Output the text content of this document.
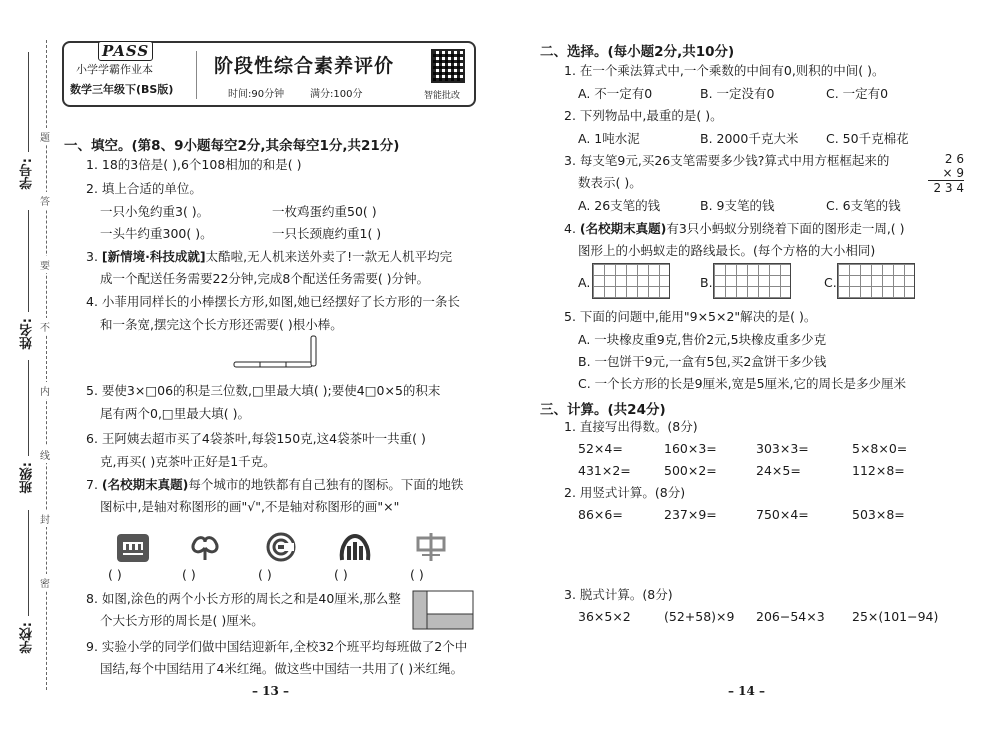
学号:
姓名:
班级:
学校:
题
答
要
不
内
线
封
密
PASS
小学学霸作业本
数学三年级下(BS版)
阶段性综合素养评价
时间:90分钟	满分:100分	智能批改
一、填空。(第8、9小题每空2分,其余每空1分,共21分)
1. 18的3倍是( ),6个108相加的和是( )
2. 填上合适的单位。
一只小兔约重3( )。	一枚鸡蛋约重50( )
一头牛约重300( )。	一只长颈鹿约重1( )
3. [新情境·科技成就]太酷啦,无人机来送外卖了!一款无人机平均完
成一个配送任务需要22分钟,完成8个配送任务需要( )分钟。
4. 小菲用同样长的小棒摆长方形,如图,她已经摆好了长方形的一条长
和一条宽,摆完这个长方形还需要( )根小棒。
5. 要使3×□06的积是三位数,□里最大填( );要使4□0×5的积末
尾有两个0,□里最大填( )。
6. 王阿姨去超市买了4袋茶叶,每袋150克,这4袋茶叶一共重( )
克,再买( )克茶叶正好是1千克。
7. (名校期末真题)每个城市的地铁都有自己独有的图标。下面的地铁
图标中,是轴对称图形的画"√",不是轴对称图形的画"×"
( )	( )	( )	( )	( )
8. 如图,涂色的两个小长方形的周长之和是40厘米,那么整
个大长方形的周长是( )厘米。
9. 实验小学的同学们做中国结迎新年,全校32个班平均每班做了2个中
国结,每个中国结用了4米红绳。做这些中国结一共用了( )米红绳。
– 13 –
二、选择。(每小题2分,共10分)
1. 在一个乘法算式中,一个乘数的中间有0,则积的中间( )。
A. 不一定有0	B. 一定没有0	C. 一定有0
2. 下列物品中,最重的是( )。
A. 1吨水泥	B. 2000千克大米 C. 50千克棉花
3. 每支笔9元,买26支笔需要多少钱?算式中用方框框起来的
数表示( )。
A. 26支笔的钱	B. 9支笔的钱	C. 6支笔的钱
2 6
× 9
2 3 4
4. (名校期末真题)有3只小蚂蚁分别绕着下面的图形走一周,( )
图形上的小蚂蚁走的路线最长。(每个方格的大小相同)
A.	B.	C.
5. 下面的问题中,能用"9×5×2"解决的是( )。
A. 一块橡皮重9克,售价2元,5块橡皮重多少克
B. 一包饼干9元,一盒有5包,买2盒饼干多少钱
C. 一个长方形的长是9厘米,宽是5厘米,它的周长是多少厘米
三、计算。(共24分)
1. 直接写出得数。(8分)
52×4=	160×3=	303×3=	5×8×0=
431×2=	500×2=	24×5=	112×8=
2. 用竖式计算。(8分)
86×6=	237×9=	750×4=	503×8=
3. 脱式计算。(8分)
36×5×2	(52+58)×9 206−54×3 25×(101−94)
– 14 –
